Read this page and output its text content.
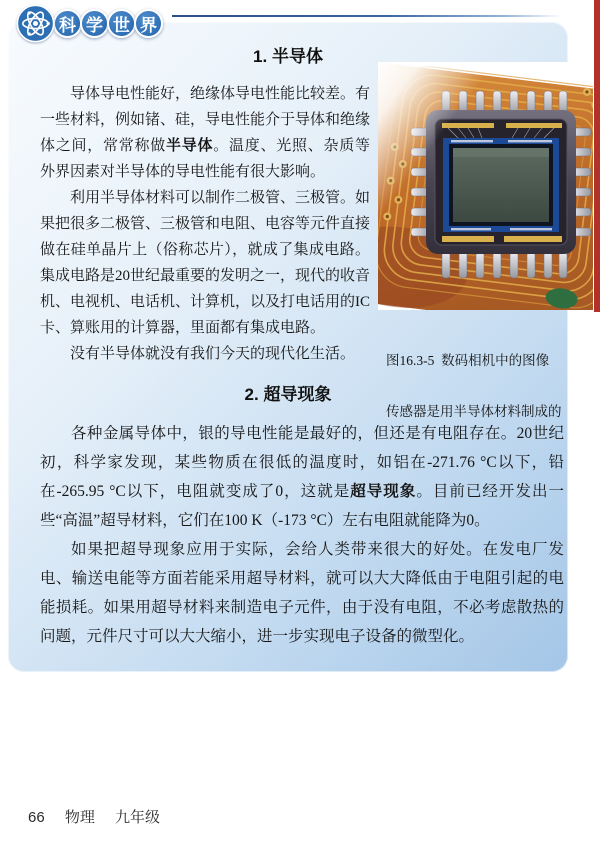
科 学 世 界
1. 半导体

导体导电性能好，绝缘体导电性能比较差。有一些材料，例如锗、硅，导电性能介于导体和绝缘体之间，常常称做半导体。温度、光照、杂质等外界因素对半导体的导电性能有很大影响。

利用半导体材料可以制作二极管、三极管。如果把很多二极管、三极管和电阻、电容等元件直接做在硅单晶片上（俗称芯片），就成了集成电路。集成电路是20世纪最重要的发明之一，现代的收音机、电视机、电话机、计算机，以及打电话用的IC卡、算账用的计算器，里面都有集成电路。

没有半导体就没有我们今天的现代化生活。

2. 超导现象

各种金属导体中，银的导电性能是最好的，但还是有电阻存在。20世纪初，科学家发现，某些物质在很低的温度时，如铝在-271.76 °C以下，铅在-265.95 °C以下，电阻就变成了0，这就是超导现象。目前已经开发出一些“高温”超导材料，它们在100 K（-173 °C）左右电阻就能降为0。

如果把超导现象应用于实际，会给人类带来很大的好处。在发电厂发电、输送电能等方面若能采用超导材料，就可以大大降低由于电阻引起的电能损耗。如果用超导材料来制造电子元件，由于没有电阻，不必考虑散热的问题，元件尺寸可以大大缩小，进一步实现电子设备的微型化。

图16.3-5  数码相机中的图像

传感器是用半导体材料制成的

66 物理 九年级
